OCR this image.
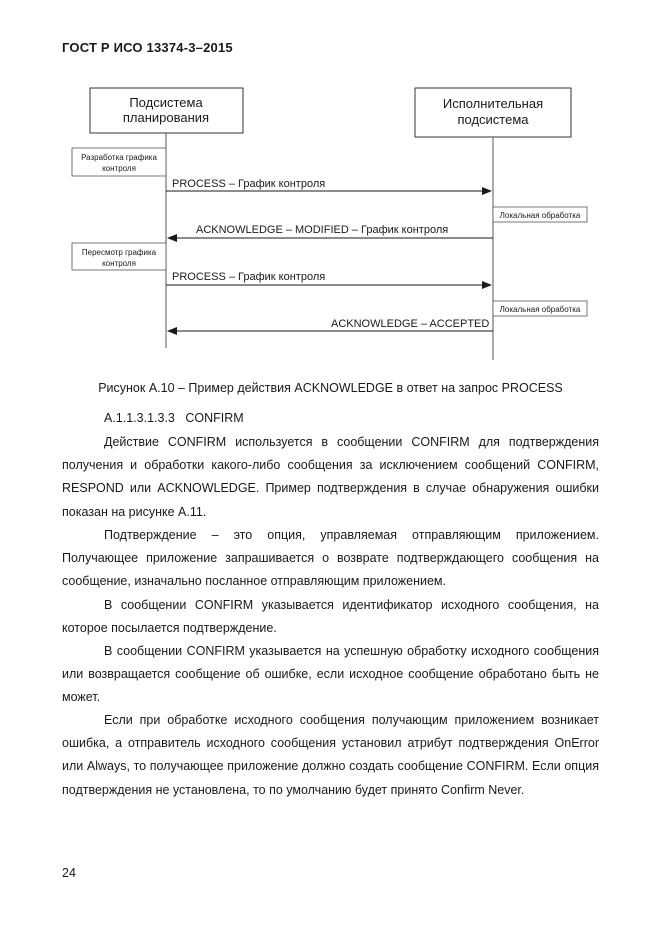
ГОСТ Р ИСО 13374-3–2015
Подсистема
планирования
Исполнительная
подсистема
Разработка графика
контроля
PROCESS – График контроля
Локальная обработка
ACKNOWLEDGE – MODIFIED – График контроля
Пересмотр графика
контроля
PROCESS – График контроля
Локальная обработка
ACKNOWLEDGE – ACCEPTED
Рисунок А.10 – Пример действия ACKNOWLEDGE в ответ на запрос PROCESS
А.1.1.3.1.3.3 CONFIRM

Действие CONFIRM используется в сообщении CONFIRM для подтверждения получения и обработки какого-либо сообщения за исключением сообщений CONFIRM, RESPOND или ACKNOWLEDGE. Пример подтверждения в случае обнаружения ошибки показан на рисунке А.11.

Подтверждение – это опция, управляемая отправляющим приложением. Получающее приложение запрашивается о возврате подтверждающего сообщения на сообщение, изначально посланное отправляющим приложением.

В сообщении CONFIRM указывается идентификатор исходного сообщения, на которое посылается подтверждение.

В сообщении CONFIRM указывается на успешную обработку исходного сообщения или возвращается сообщение об ошибке, если исходное сообщение обработано быть не может.

Если при обработке исходного сообщения получающим приложением возникает ошибка, а отправитель исходного сообщения установил атрибут подтверждения OnError или Always, то получающее приложение должно создать сообщение CONFIRM. Если опция подтверждения не установлена, то по умолчанию будет принято Confirm Never.

24
